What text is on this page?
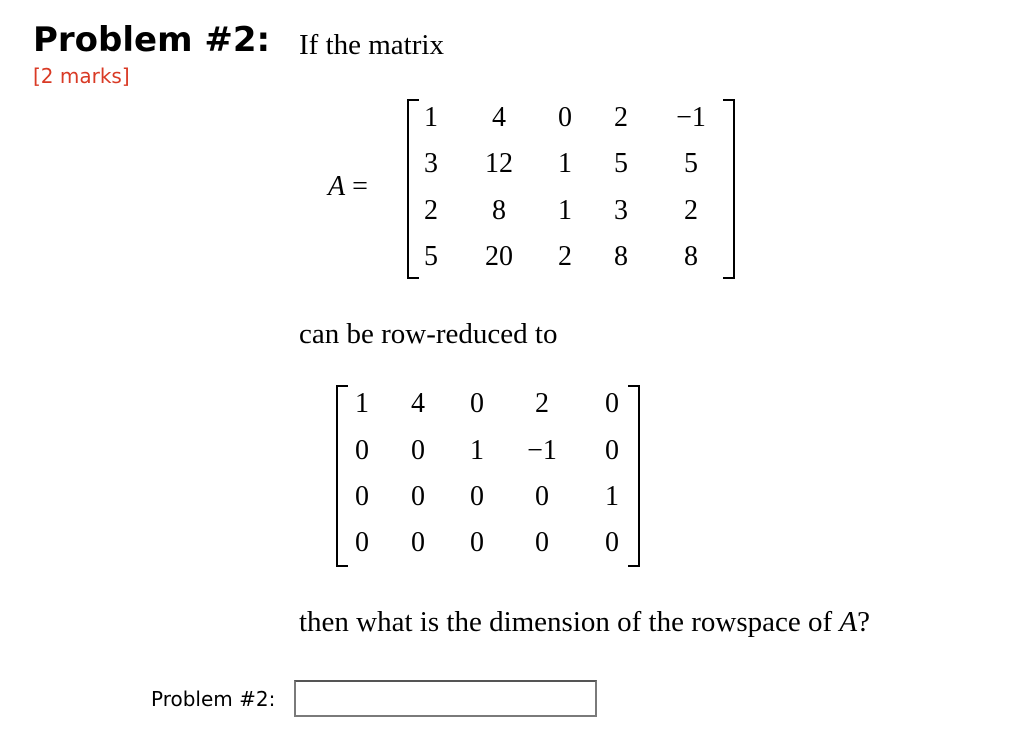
Problem #2: If the matrix
[2 marks]
A =
1 4 0 2 −1
3 12 1 5 5
2 8 1 3 2
5 20 2 8 8
can be row-reduced to
1
0
0
0
4
0
0
0
0
1
0
0
2
−1
0
0
0
0
1
0
then what is the dimension of the rowspace of A?
Problem #2:
